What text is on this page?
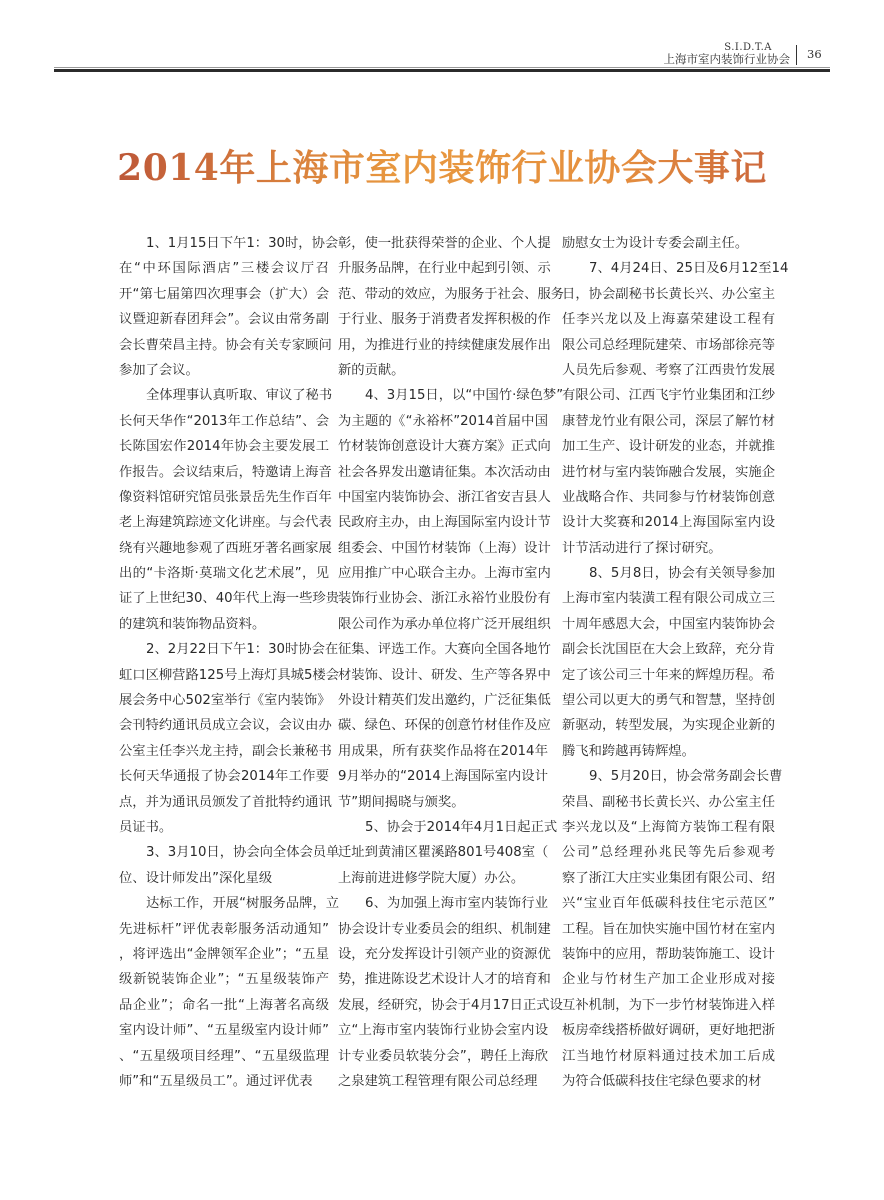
S.I.D.T.A
上海市室内装饰行业协会 36
2014年上海市室内装饰行业协会大事记
1、1月15日下午1：30时，协会
在“中环国际酒店”三楼会议厅召
开“第七届第四次理事会（扩大）会
议暨迎新春团拜会”。会议由常务副
会长曹荣昌主持。协会有关专家顾问
参加了会议。
全体理事认真听取、审议了秘书
长何天华作“2013年工作总结”、会
长陈国宏作2014年协会主要发展工
作报告。会议结束后，特邀请上海音
像资料馆研究馆员张景岳先生作百年
老上海建筑踪迹文化讲座。与会代表
绕有兴趣地参观了西班牙著名画家展
出的“卡洛斯·莫瑞文化艺术展”，见
证了上世纪30、40年代上海一些珍贵
的建筑和装饰物品资料。
2、2月22日下午1：30时协会在
虹口区柳营路125号上海灯具城5楼会
展会务中心502室举行《室内装饰》
会刊特约通讯员成立会议，会议由办
公室主任李兴龙主持，副会长兼秘书
长何天华通报了协会2014年工作要
点，并为通讯员颁发了首批特约通讯
员证书。
3、3月10日，协会向全体会员单
位、设计师发出”深化星级
达标工作，开展“树服务品牌，立
先进标杆”评优表彰服务活动通知”
，将评选出“金牌领军企业”；“五星
级新锐装饰企业”；“五星级装饰产
品企业”；命名一批“上海著名高级
室内设计师”、“五星级室内设计师”
、“五星级项目经理”、“五星级监理
师”和“五星级员工”。通过评优表
彰，使一批获得荣誉的企业、个人提
升服务品牌，在行业中起到引领、示
范、带动的效应，为服务于社会、服务
于行业、服务于消费者发挥积极的作
用，为推进行业的持续健康发展作出
新的贡献。
4、3月15日，以“中国竹·绿色梦”
为主题的《“永裕杯”2014首届中国
竹材装饰创意设计大赛方案》正式向
社会各界发出邀请征集。本次活动由
中国室内装饰协会、浙江省安吉县人
民政府主办，由上海国际室内设计节
组委会、中国竹材装饰（上海）设计
应用推广中心联合主办。上海市室内
装饰行业协会、浙江永裕竹业股份有
限公司作为承办单位将广泛开展组织
征集、评选工作。大赛向全国各地竹
材装饰、设计、研发、生产等各界中
外设计精英们发出邀约，广泛征集低
碳、绿色、环保的创意竹材佳作及应
用成果，所有获奖作品将在2014年
9月举办的“2014上海国际室内设计
节”期间揭晓与颁奖。
5、协会于2014年4月1日起正式
迁址到黄浦区瞿溪路801号408室（
上海前进进修学院大厦）办公。
6、为加强上海市室内装饰行业
协会设计专业委员会的组织、机制建
设，充分发挥设计引领产业的资源优
势，推进陈设艺术设计人才的培育和
发展，经研究，协会于4月17日正式设
立“上海市室内装饰行业协会室内设
计专业委员软装分会”，聘任上海欣
之泉建筑工程管理有限公司总经理
励慰女士为设计专委会副主任。
7、4月24日、25日及6月12至14
日，协会副秘书长黄长兴、办公室主
任李兴龙以及上海嘉荣建设工程有
限公司总经理阮建荣、市场部徐亮等
人员先后参观、考察了江西贵竹发展
有限公司、江西飞宇竹业集团和江纱
康替龙竹业有限公司，深层了解竹材
加工生产、设计研发的业态，并就推
进竹材与室内装饰融合发展，实施企
业战略合作、共同参与竹材装饰创意
设计大奖赛和2014上海国际室内设
计节活动进行了探讨研究。
8、5月8日，协会有关领导参加
上海市室内装潢工程有限公司成立三
十周年感恩大会，中国室内装饰协会
副会长沈国臣在大会上致辞，充分肯
定了该公司三十年来的辉煌历程。希
望公司以更大的勇气和智慧，坚持创
新驱动，转型发展，为实现企业新的
腾飞和跨越再铸辉煌。
9、5月20日，协会常务副会长曹
荣昌、副秘书长黄长兴、办公室主任
李兴龙以及“上海简方装饰工程有限
公司”总经理孙兆民等先后参观考
察了浙江大庄实业集团有限公司、绍
兴“宝业百年低碳科技住宅示范区”
工程。旨在加快实施中国竹材在室内
装饰中的应用，帮助装饰施工、设计
企业与竹材生产加工企业形成对接
互补机制，为下一步竹材装饰进入样
板房牵线搭桥做好调研，更好地把浙
江当地竹材原料通过技术加工后成
为符合低碳科技住宅绿色要求的材
